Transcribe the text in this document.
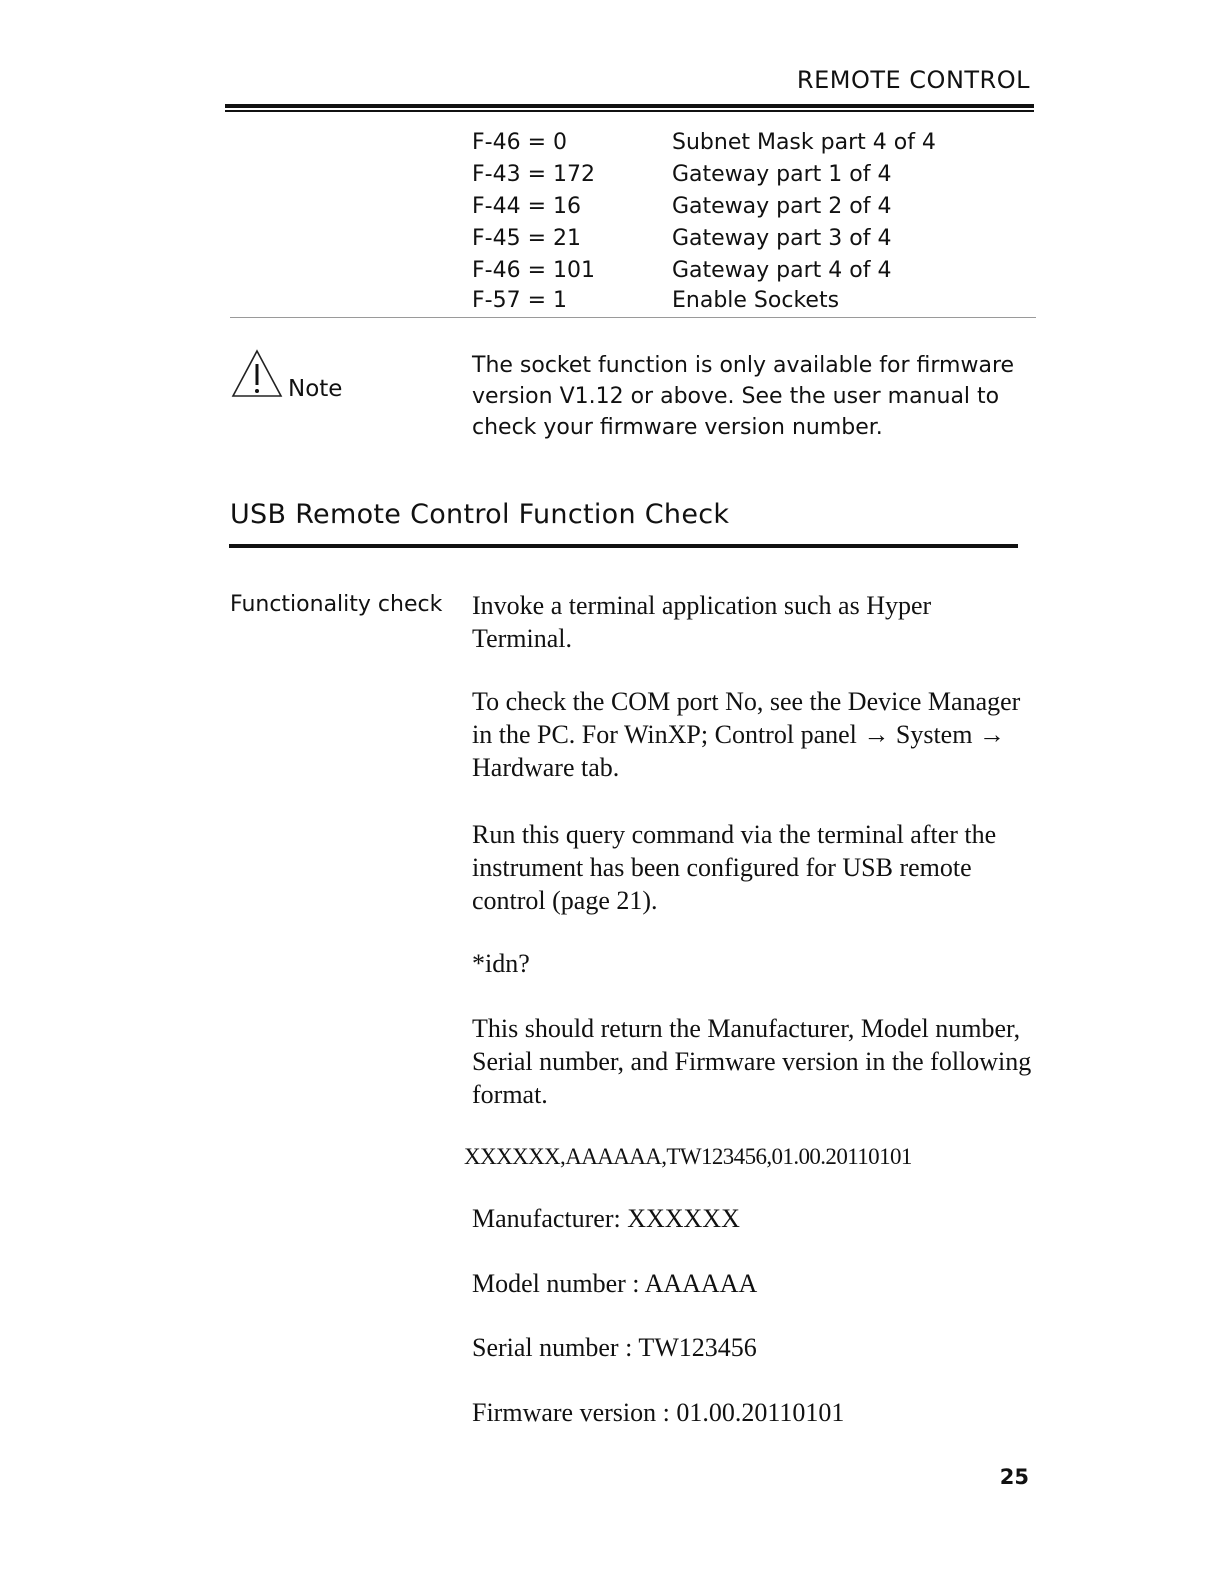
REMOTE CONTROL
F-46 = 0	Subnet Mask part 4 of 4
F-43 = 172	Gateway part 1 of 4
F-44 = 16	Gateway part 2 of 4
F-45 = 21	Gateway part 3 of 4
F-46 = 101	Gateway part 4 of 4
F-57 = 1	Enable Sockets
Note
The socket function is only available for firmware version V1.12 or above. See the user manual to check your firmware version number.
USB Remote Control Function Check
Functionality check Invoke a terminal application such as Hyper Terminal.
To check the COM port No, see the Device Manager in the PC. For WinXP; Control panel → System → Hardware tab.
Run this query command via the terminal after the instrument has been configured for USB remote control (page 21).
*idn?
This should return the Manufacturer, Model number, Serial number, and Firmware version in the following format.
XXXXXX,AAAAAA,TW123456,01.00.20110101
Manufacturer: XXXXXX
Model number : AAAAAA
Serial number : TW123456
Firmware version : 01.00.20110101
25
